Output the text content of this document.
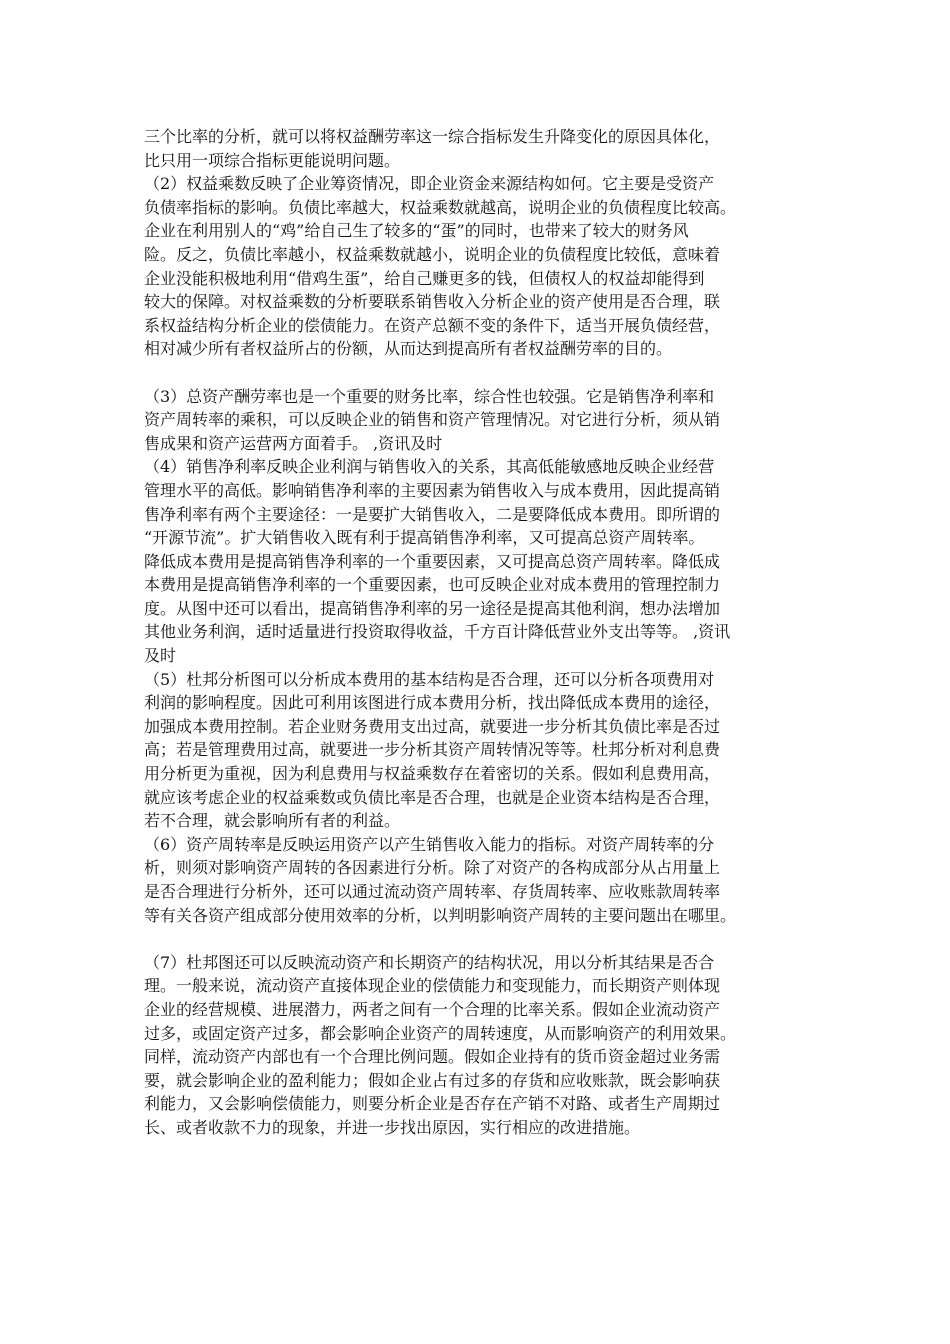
三个比率的分析，就可以将权益酬劳率这一综合指标发生升降变化的原因具体化，
比只用一项综合指标更能说明问题。
（2）权益乘数反映了企业筹资情况，即企业资金来源结构如何。它主要是受资产
负债率指标的影响。负债比率越大，权益乘数就越高，说明企业的负债程度比较高。
企业在利用别人的“鸡”给自己生了较多的“蛋”的同时，也带来了较大的财务风
险。反之，负债比率越小，权益乘数就越小，说明企业的负债程度比较低，意味着
企业没能积极地利用“借鸡生蛋”，给自己赚更多的钱，但债权人的权益却能得到
较大的保障。对权益乘数的分析要联系销售收入分析企业的资产使用是否合理，联
系权益结构分析企业的偿债能力。在资产总额不变的条件下，适当开展负债经营，
相对减少所有者权益所占的份额，从而达到提高所有者权益酬劳率的目的。
（3）总资产酬劳率也是一个重要的财务比率，综合性也较强。它是销售净利率和
资产周转率的乘积，可以反映企业的销售和资产管理情况。对它进行分析，须从销
售成果和资产运营两方面着手。 ,资讯及时
（4）销售净利率反映企业利润与销售收入的关系，其高低能敏感地反映企业经营
管理水平的高低。影响销售净利率的主要因素为销售收入与成本费用，因此提高销
售净利率有两个主要途径：一是要扩大销售收入，二是要降低成本费用。即所谓的
“开源节流”。扩大销售收入既有利于提高销售净利率，又可提高总资产周转率。
降低成本费用是提高销售净利率的一个重要因素，又可提高总资产周转率。降低成
本费用是提高销售净利率的一个重要因素，也可反映企业对成本费用的管理控制力
度。从图中还可以看出，提高销售净利率的另一途径是提高其他利润，想办法增加
其他业务利润，适时适量进行投资取得收益，千方百计降低营业外支出等等。 ,资讯
及时
（5）杜邦分析图可以分析成本费用的基本结构是否合理，还可以分析各项费用对
利润的影响程度。因此可利用该图进行成本费用分析，找出降低成本费用的途径，
加强成本费用控制。若企业财务费用支出过高，就要进一步分析其负债比率是否过
高；若是管理费用过高，就要进一步分析其资产周转情况等等。杜邦分析对利息费
用分析更为重视，因为利息费用与权益乘数存在着密切的关系。假如利息费用高，
就应该考虑企业的权益乘数或负债比率是否合理，也就是企业资本结构是否合理，
若不合理，就会影响所有者的利益。
（6）资产周转率是反映运用资产以产生销售收入能力的指标。对资产周转率的分
析，则须对影响资产周转的各因素进行分析。除了对资产的各构成部分从占用量上
是否合理进行分析外，还可以通过流动资产周转率、存货周转率、应收账款周转率
等有关各资产组成部分使用效率的分析，以判明影响资产周转的主要问题出在哪里。
（7）杜邦图还可以反映流动资产和长期资产的结构状况，用以分析其结果是否合
理。一般来说，流动资产直接体现企业的偿债能力和变现能力，而长期资产则体现
企业的经营规模、进展潜力，两者之间有一个合理的比率关系。假如企业流动资产
过多，或固定资产过多，都会影响企业资产的周转速度，从而影响资产的利用效果。
同样，流动资产内部也有一个合理比例问题。假如企业持有的货币资金超过业务需
要，就会影响企业的盈利能力；假如企业占有过多的存货和应收账款，既会影响获
利能力，又会影响偿债能力，则要分析企业是否存在产销不对路、或者生产周期过
长、或者收款不力的现象，并进一步找出原因，实行相应的改进措施。
